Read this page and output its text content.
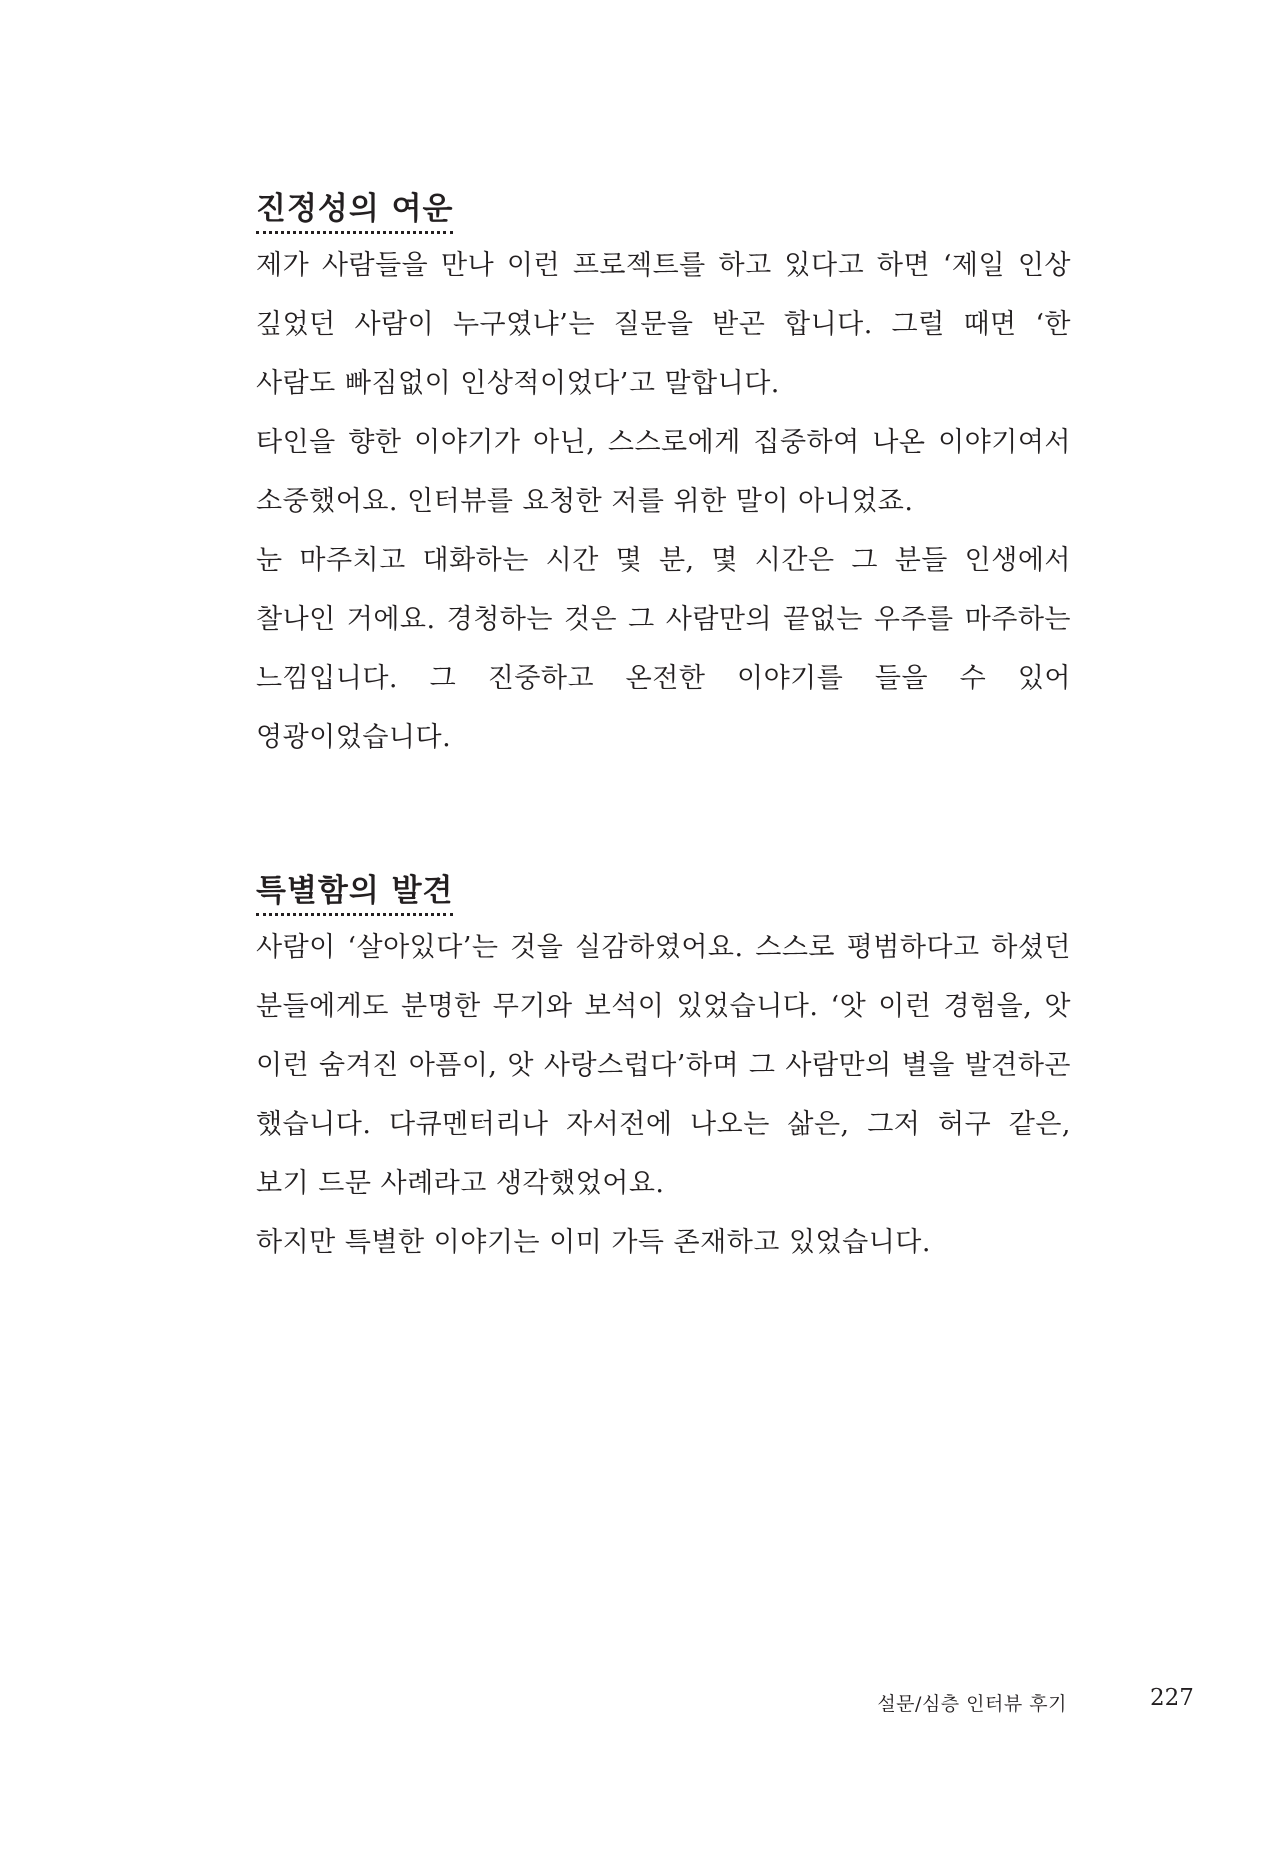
진정성의 여운

제가 사람들을 만나 이런 프로젝트를 하고 있다고 하면 ‘제일 인상 깊었던 사람이 누구였냐’는 질문을 받곤 합니다. 그럴 때면 ‘한 사람도 빠짐없이 인상적이었다’고 말합니다.

타인을 향한 이야기가 아닌, 스스로에게 집중하여 나온 이야기여서 소중했어요. 인터뷰를 요청한 저를 위한 말이 아니었죠.

눈 마주치고 대화하는 시간 몇 분, 몇 시간은 그 분들 인생에서 찰나인 거에요. 경청하는 것은 그 사람만의 끝없는 우주를 마주하는 느낌입니다. 그 진중하고 온전한 이야기를 들을 수 있어 영광이었습니다.

특별함의 발견

사람이 ‘살아있다’는 것을 실감하였어요. 스스로 평범하다고 하셨던 분들에게도 분명한 무기와 보석이 있었습니다. ‘앗 이런 경험을, 앗 이런 숨겨진 아픔이, 앗 사랑스럽다’하며 그 사람만의 별을 발견하곤 했습니다. 다큐멘터리나 자서전에 나오는 삶은, 그저 허구 같은, 보기 드문 사례라고 생각했었어요.

하지만 특별한 이야기는 이미 가득 존재하고 있었습니다.

설문/심층 인터뷰 후기	227
